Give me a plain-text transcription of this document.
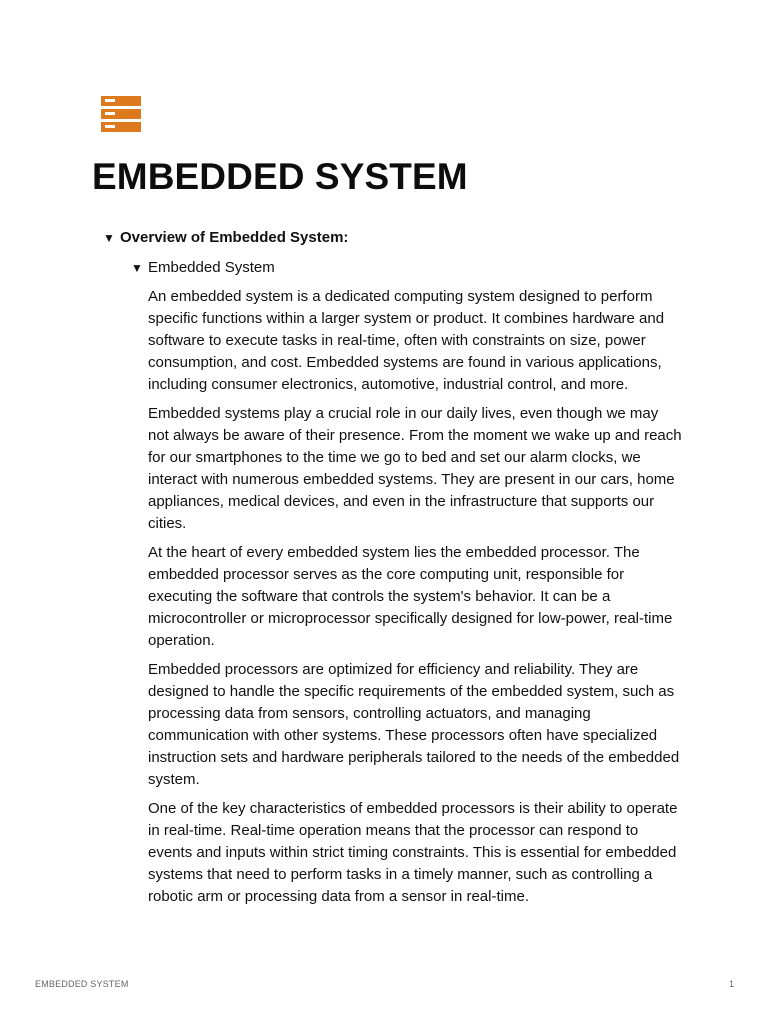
EMBEDDED SYSTEM
▼ Overview of Embedded System:
▼ Embedded System

An embedded system is a dedicated computing system designed to perform specific functions within a larger system or product. It combines hardware and software to execute tasks in real-time, often with constraints on size, power consumption, and cost. Embedded systems are found in various applications, including consumer electronics, automotive, industrial control, and more.

Embedded systems play a crucial role in our daily lives, even though we may not always be aware of their presence. From the moment we wake up and reach for our smartphones to the time we go to bed and set our alarm clocks, we interact with numerous embedded systems. They are present in our cars, home appliances, medical devices, and even in the infrastructure that supports our cities.

At the heart of every embedded system lies the embedded processor. The embedded processor serves as the core computing unit, responsible for executing the software that controls the system's behavior. It can be a microcontroller or microprocessor specifically designed for low-power, real-time operation.

Embedded processors are optimized for efficiency and reliability. They are designed to handle the specific requirements of the embedded system, such as processing data from sensors, controlling actuators, and managing communication with other systems. These processors often have specialized instruction sets and hardware peripherals tailored to the needs of the embedded system.

One of the key characteristics of embedded processors is their ability to operate in real-time. Real-time operation means that the processor can respond to events and inputs within strict timing constraints. This is essential for embedded systems that need to perform tasks in a timely manner, such as controlling a robotic arm or processing data from a sensor in real-time.

EMBEDDED SYSTEM	1
